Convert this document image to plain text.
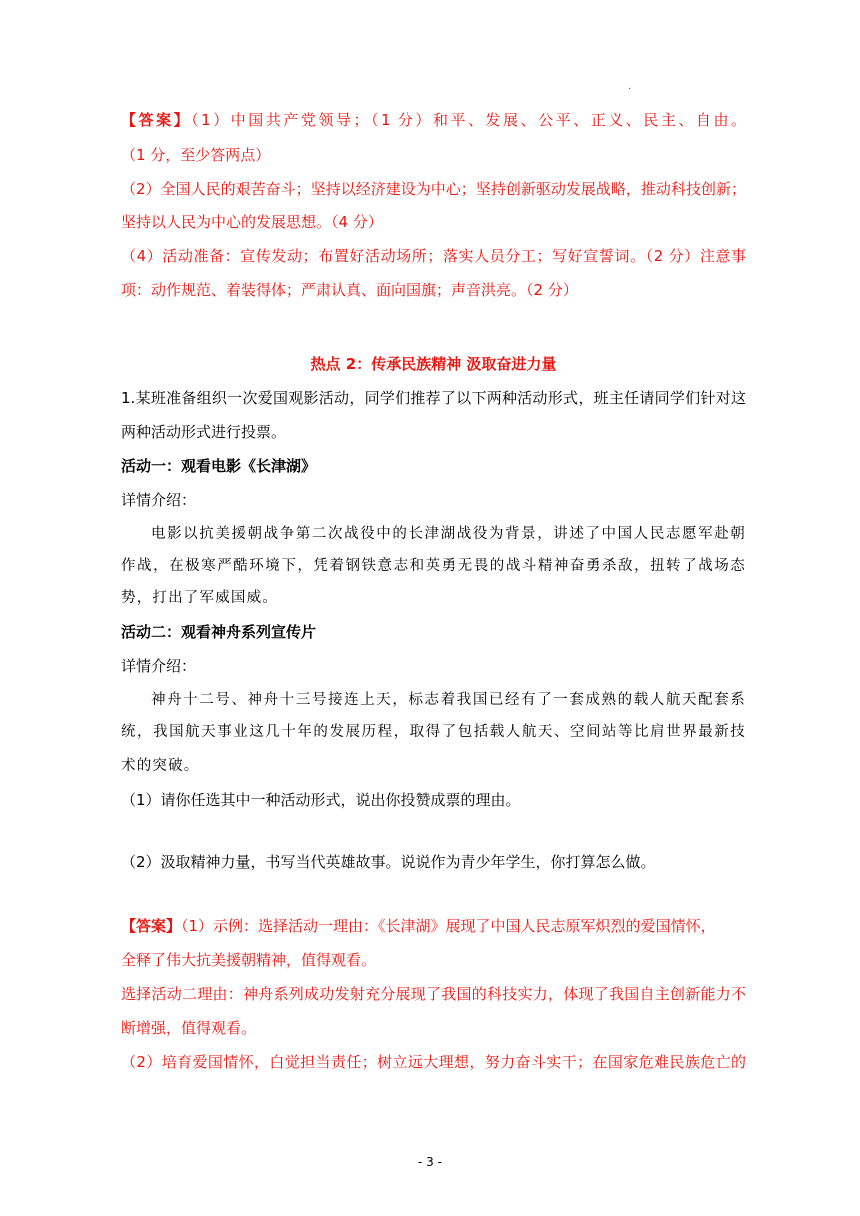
·
【答案】（1）中国共产党领导；（1 分）和平、发展、公平、正义、民主、自由。
（1 分，至少答两点）
（2）全国人民的艰苦奋斗；坚持以经济建设为中心；坚持创新驱动发展战略，推动科技创新；
坚持以人民为中心的发展思想。（4 分）
（4）活动准备：宣传发动；布置好活动场所；落实人员分工；写好宣誓词。（2 分）注意事
项：动作规范、着装得体；严肃认真、面向国旗；声音洪亮。（2 分）
热点 2：传承民族精神 汲取奋进力量
1.某班准备组织一次爱国观影活动，同学们推荐了以下两种活动形式，班主任请同学们针对这
两种活动形式进行投票。
活动一：观看电影《长津湖》
详情介绍：
电影以抗美援朝战争第二次战役中的长津湖战役为背景，讲述了中国人民志愿军赴朝
作战，在极寒严酷环境下，凭着钢铁意志和英勇无畏的战斗精神奋勇杀敌，扭转了战场态
势，打出了军威国威。
活动二：观看神舟系列宣传片
详情介绍：
神舟十二号、神舟十三号接连上天，标志着我国已经有了一套成熟的载人航天配套系
统，我国航天事业这几十年的发展历程，取得了包括载人航天、空间站等比肩世界最新技
术的突破。
（1）请你任选其中一种活动形式，说出你投赞成票的理由。
（2）汲取精神力量，书写当代英雄故事。说说作为青少年学生，你打算怎么做。
【答案】（1）示例：选择活动一理由：《长津湖》展现了中国人民志原军炽烈的爱国情怀，
全释了伟大抗美援朝精神，值得观看。
选择活动二理由：神舟系列成功发射充分展现了我国的科技实力，体现了我国自主创新能力不
断增强，值得观看。
（2）培育爱国情怀，白觉担当责任；树立远大理想，努力奋斗实干；在国家危难民族危亡的
- 3 -
